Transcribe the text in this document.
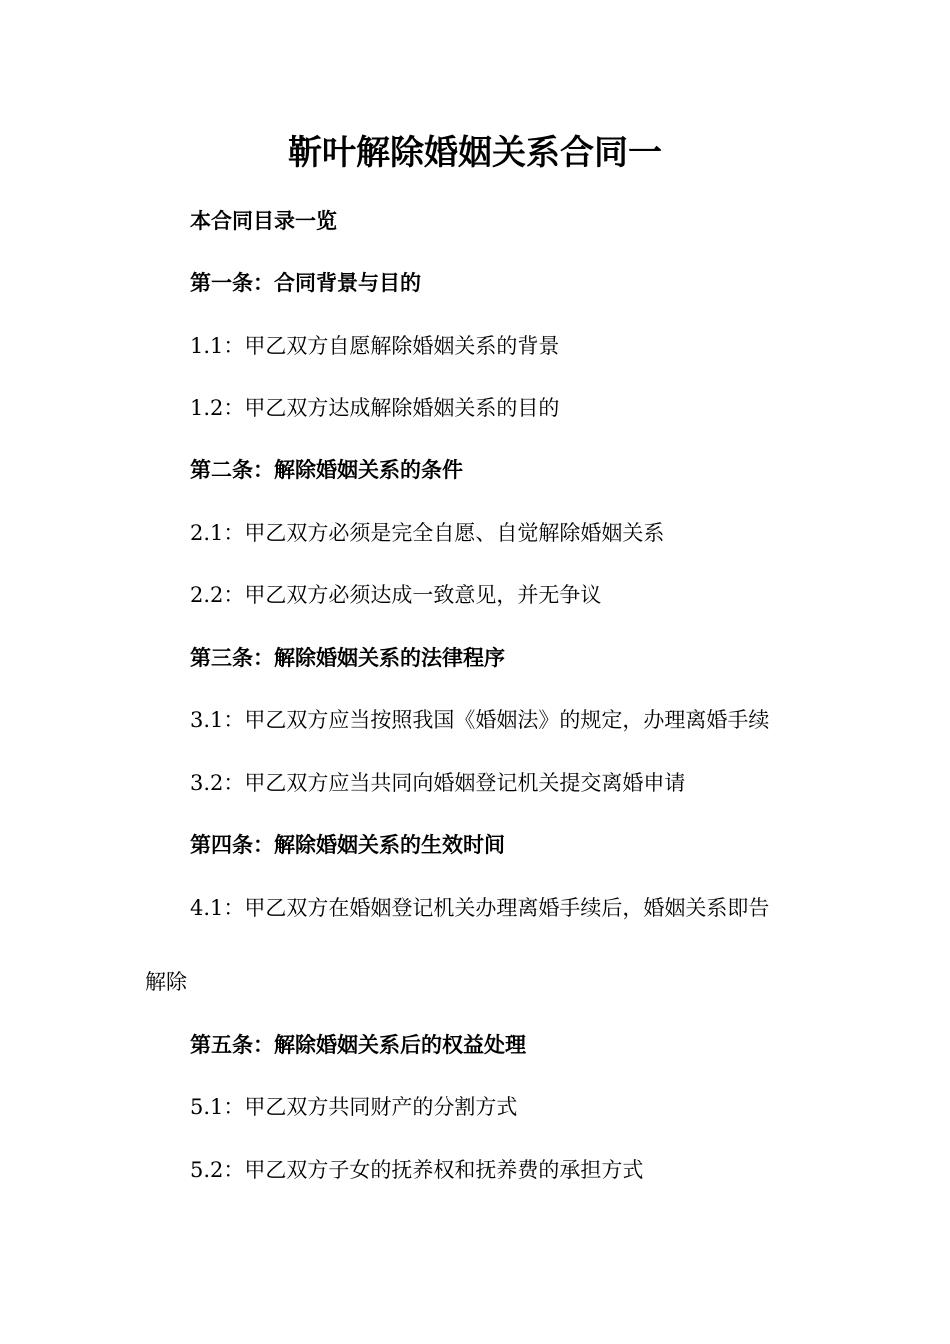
靳叶解除婚姻关系合同一
本合同目录一览
第一条：合同背景与目的
1.1：甲乙双方自愿解除婚姻关系的背景
1.2：甲乙双方达成解除婚姻关系的目的
第二条：解除婚姻关系的条件
2.1：甲乙双方必须是完全自愿、自觉解除婚姻关系
2.2：甲乙双方必须达成一致意见，并无争议
第三条：解除婚姻关系的法律程序
3.1：甲乙双方应当按照我国《婚姻法》的规定，办理离婚手续
3.2：甲乙双方应当共同向婚姻登记机关提交离婚申请
第四条：解除婚姻关系的生效时间
4.1：甲乙双方在婚姻登记机关办理离婚手续后，婚姻关系即告
解除
第五条：解除婚姻关系后的权益处理
5.1：甲乙双方共同财产的分割方式
5.2：甲乙双方子女的抚养权和抚养费的承担方式
